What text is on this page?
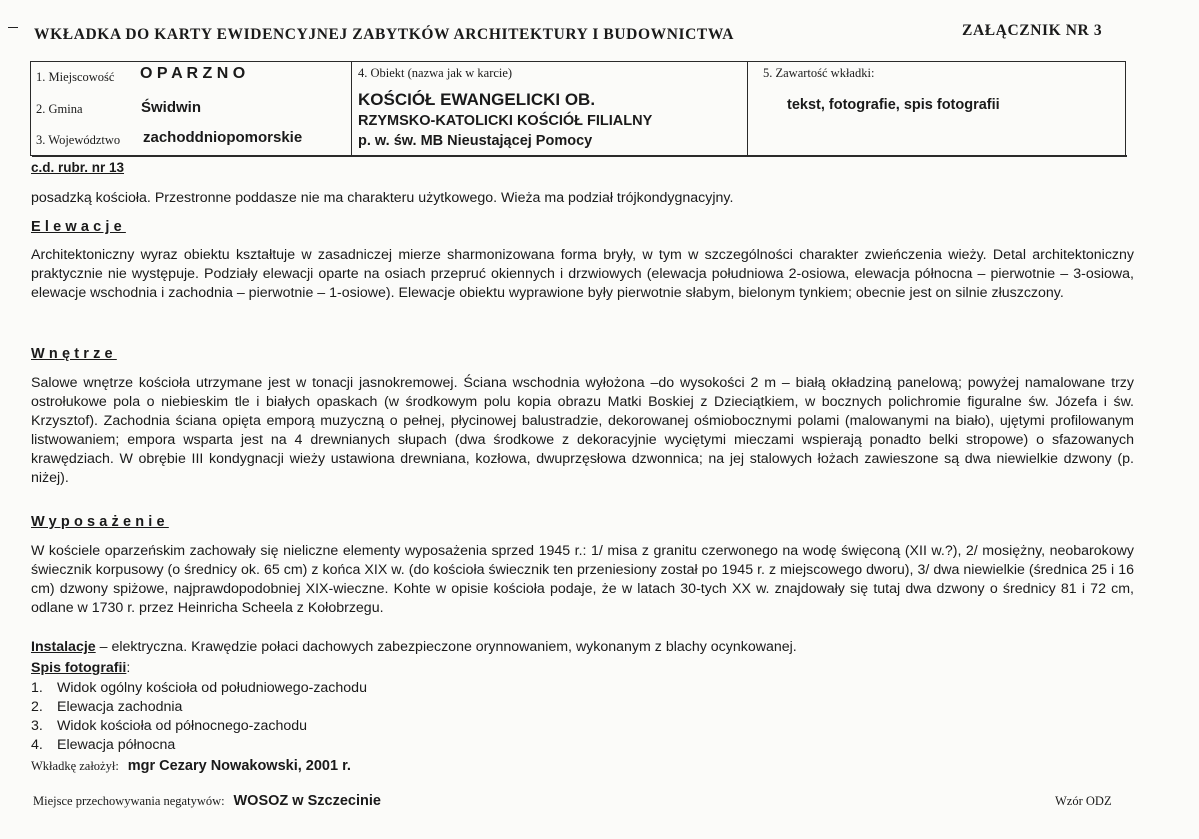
WKŁADKA DO KARTY EWIDENCYJNEJ ZABYTKÓW ARCHITEKTURY I BUDOWNICTWA	ZAŁĄCZNIK NR 3
1. Miejscowość O P A R Z N O
2. Gmina	Świdwin
3. Województwo zachoddniopomorskie
4. Obiekt (nazwa jak w karcie)
KOŚCIÓŁ EWANGELICKI OB.
RZYMSKO-KATOLICKI KOŚCIÓŁ FILIALNY
p. w. św. MB Nieustającej Pomocy
5. Zawartość wkładki:
tekst, fotografie, spis fotografii
c.d. rubr. nr 13
posadzką kościoła. Przestronne poddasze nie ma charakteru użytkowego. Wieża ma podział trójkondygnacyjny.
Elewacje
Architektoniczny wyraz obiektu kształtuje w zasadniczej mierze sharmonizowana forma bryły, w tym w szczególności charakter zwieńczenia wieży. Detal architektoniczny praktycznie nie występuje. Podziały elewacji oparte na osiach przepruć okiennych i drzwiowych (elewacja południowa 2-osiowa, elewacja północna – pierwotnie – 3-osiowa, elewacje wschodnia i zachodnia – pierwotnie – 1-osiowe). Elewacje obiektu wyprawione były pierwotnie słabym, bielonym tynkiem; obecnie jest on silnie złuszczony.
Wnętrze
Salowe wnętrze kościoła utrzymane jest w tonacji jasnokremowej. Ściana wschodnia wyłożona –do wysokości 2 m – białą okładziną panelową; powyżej namalowane trzy ostrołukowe pola o niebieskim tle i białych opaskach (w środkowym polu kopia obrazu Matki Boskiej z Dzieciątkiem, w bocznych polichromie figuralne św. Józefa i św. Krzysztof). Zachodnia ściana opięta emporą muzyczną o pełnej, płycinowej balustradzie, dekorowanej ośmiobocznymi polami (malowanymi na biało), ujętymi profilowanym listwowaniem; empora wsparta jest na 4 drewnianych słupach (dwa środkowe z dekoracyjnie wyciętymi mieczami wspierają ponadto belki stropowe) o sfazowanych krawędziach. W obrębie III kondygnacji wieży ustawiona drewniana, kozłowa, dwuprzęsłowa dzwonnica; na jej stalowych łożach zawieszone są dwa niewielkie dzwony (p. niżej).
Wyposażenie
W kościele oparzeńskim zachowały się nieliczne elementy wyposażenia sprzed 1945 r.: 1/ misa z granitu czerwonego na wodę święconą (XII w.?), 2/ mosiężny, neobarokowy świecznik korpusowy (o średnicy ok. 65 cm) z końca XIX w. (do kościoła świecznik ten przeniesiony został po 1945 r. z miejscowego dworu), 3/ dwa niewielkie (średnica 25 i 16 cm) dzwony spiżowe, najprawdopodobniej XIX-wieczne. Kohte w opisie kościoła podaje, że w latach 30-tych XX w. znajdowały się tutaj dwa dzwony o średnicy 81 i 72 cm, odlane w 1730 r. przez Heinricha Scheela z Kołobrzegu.
Instalacje – elektryczna. Krawędzie połaci dachowych zabezpieczone orynnowaniem, wykonanym z blachy ocynkowanej.
Spis fotografii:
1. Widok ogólny kościoła od południowego-zachodu
2. Elewacja zachodnia
3. Widok kościoła od północnego-zachodu
4. Elewacja północna
Wkładkę założył: mgr Cezary Nowakowski, 2001 r.
Miejsce przechowywania negatywów: WOSOZ w Szczecinie	Wzór ODZ
